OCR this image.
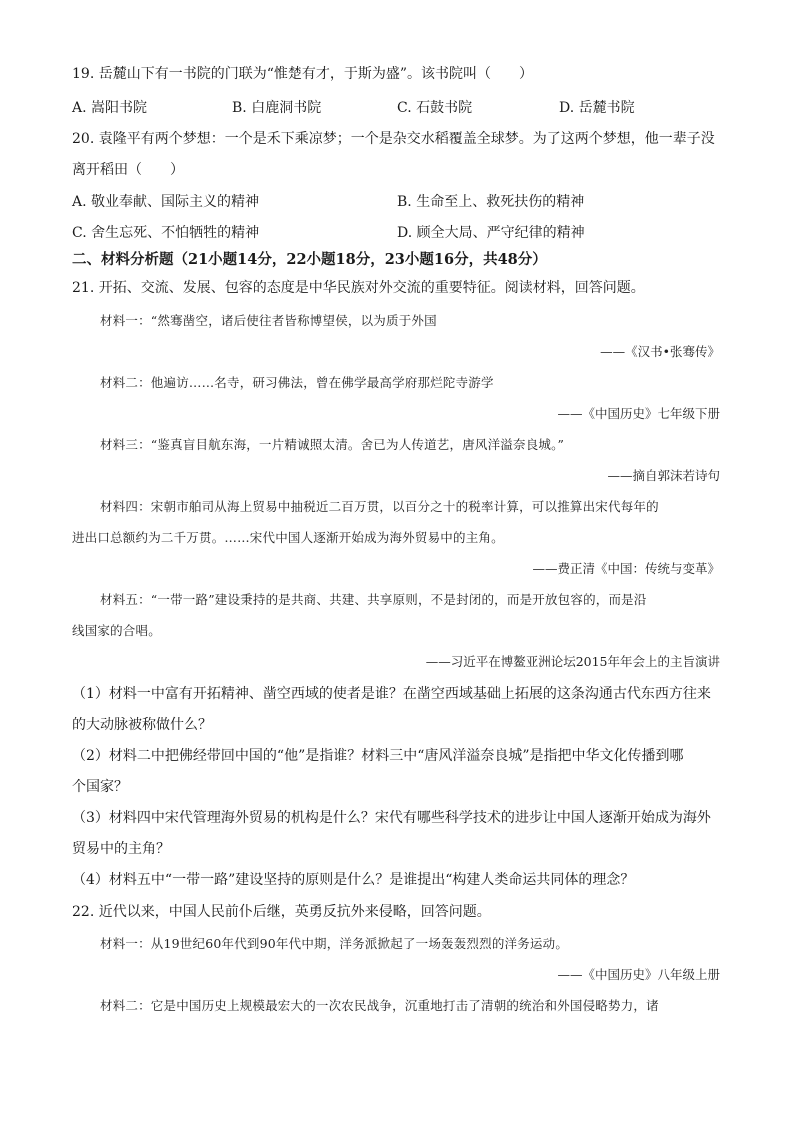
19. 岳麓山下有一书院的门联为“惟楚有才，于斯为盛”。该书院叫（　　）
A. 嵩阳书院	B. 白鹿洞书院	C. 石鼓书院	D. 岳麓书院
20. 袁隆平有两个梦想：一个是禾下乘凉梦；一个是杂交水稻覆盖全球梦。为了这两个梦想，他一辈子没
离开稻田（　　）
A. 敬业奉献、国际主义的精神	B. 生命至上、救死扶伤的精神
C. 舍生忘死、不怕牺牲的精神	D. 顾全大局、严守纪律的精神
二、材料分析题（21小题14分，22小题18分，23小题16分，共48分）
21. 开拓、交流、发展、包容的态度是中华民族对外交流的重要特征。阅读材料，回答问题。
材料一：“然骞凿空，诸后使往者皆称博望侯，以为质于外国
——《汉书•张骞传》
材料二：他遍访……名寺，研习佛法，曾在佛学最高学府那烂陀寺游学
——《中国历史》七年级下册
材料三：“鉴真盲目航东海，一片精诚照太清。舍已为人传道艺，唐风洋溢奈良城。”
——摘自郭沫若诗句
材料四：宋朝市舶司从海上贸易中抽税近二百万贯，以百分之十的税率计算，可以推算出宋代每年的
进出口总额约为二千万贯。……宋代中国人逐渐开始成为海外贸易中的主角。
——费正清《中国：传统与变革》
材料五：“一带一路”建设秉持的是共商、共建、共享原则，不是封闭的，而是开放包容的，而是沿
线国家的合唱。
——习近平在博鳌亚洲论坛2015年年会上的主旨演讲
（1）材料一中富有开拓精神、凿空西域的使者是谁？在凿空西域基础上拓展的这条沟通古代东西方往来
的大动脉被称做什么？
（2）材料二中把佛经带回中国的“他”是指谁？材料三中“唐风洋溢奈良城”是指把中华文化传播到哪
个国家？
（3）材料四中宋代管理海外贸易的机构是什么？宋代有哪些科学技术的进步让中国人逐渐开始成为海外
贸易中的主角？
（4）材料五中“一带一路”建设坚持的原则是什么？是谁提出“构建人类命运共同体的理念？
22. 近代以来，中国人民前仆后继，英勇反抗外来侵略，回答问题。
材料一：从19世纪60年代到90年代中期，洋务派掀起了一场轰轰烈烈的洋务运动。
——《中国历史》八年级上册
材料二：它是中国历史上规模最宏大的一次农民战争，沉重地打击了清朝的统治和外国侵略势力，诸
